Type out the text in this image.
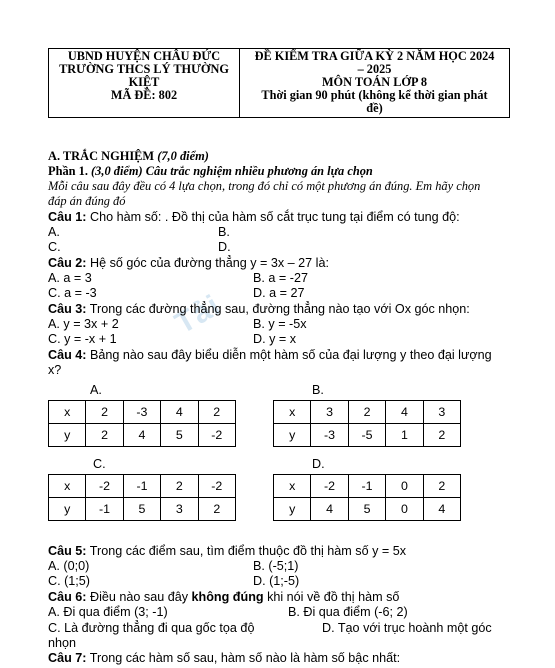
Tải
UBND HUYỆN CHÂU ĐỨC
TRƯỜNG THCS LÝ THƯỜNG
KIỆT
MÃ ĐỀ: 802

ĐỀ KIỂM TRA GIỮA KỲ 2 NĂM HỌC 2024
– 2025
MÔN TOÁN LỚP 8
Thời gian 90 phút (không kể thời gian phát
đề)
A. TRẮC NGHIỆM (7,0 điểm)
Phần 1. (3,0 điểm) Câu trắc nghiệm nhiều phương án lựa chọn
Mỗi câu sau đây đều có 4 lựa chọn, trong đó chỉ có một phương án đúng. Em hãy chọn
đáp án đúng đó
Câu 1: Cho hàm số: . Đồ thị của hàm số cắt trục tung tại điểm có tung độ:
A.	B.
C.	D.
Câu 2: Hệ số góc của đường thẳng y = 3x – 27 là:
A. a = 3	B. a = -27
C. a = -3	D. a = 27
Câu 3: Trong các đường thẳng sau, đường thẳng nào tạo với Ox góc nhọn:
A. y = 3x + 2	B. y = -5x
C. y = -x + 1	D. y = x
Câu 4: Bảng nào sau đây biểu diễn một hàm số của đại lượng y theo đại lượng
x?
A.	B.
C.	D.
x	2	-3	4	2
y	2	4	5	-2
x	3	2	4	3
y	-3	-5	1	2
x	-2	-1	2	-2
y	-1	5	3	2
x	-2	-1	0	2
y	4	5	0	4
Câu 5: Trong các điểm sau, tìm điểm thuộc đồ thị hàm số y = 5x
A. (0;0)	B. (-5;1)
C. (1;5)	D. (1;-5)
Câu 6: Điều nào sau đây không đúng khi nói về đồ thị hàm số
A. Đi qua điểm (3; -1)	B. Đi qua điểm (-6; 2)
C. Là đường thẳng đi qua gốc tọa độ	D. Tạo với trục hoành một góc
nhọn
Câu 7: Trong các hàm số sau, hàm số nào là hàm số bậc nhất:
